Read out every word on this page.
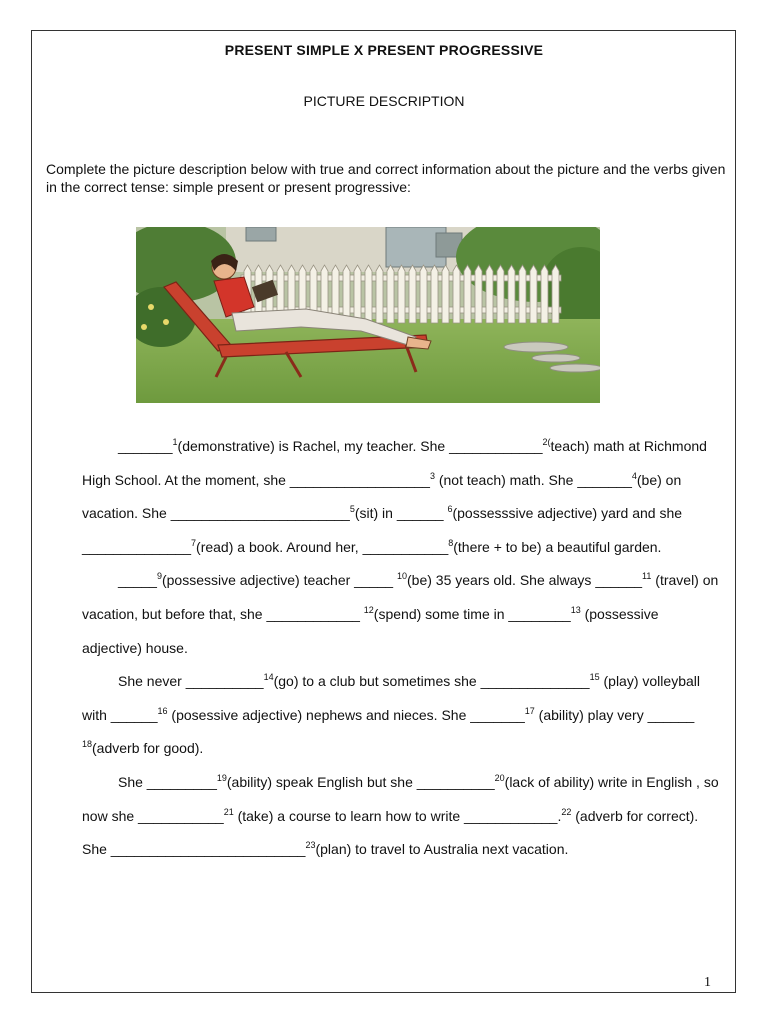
PRESENT SIMPLE X PRESENT PROGRESSIVE
PICTURE DESCRIPTION
Complete the picture description below with true and correct information about the picture and the verbs given in the correct tense: simple present or present progressive:

_______$^1$(demonstrative) is Rachel, my teacher. She ____________$^{2(}$teach) math at Richmond High School. At the moment, she __________________$^3$ (not teach) math. She _______$^4$(be) on vacation. She _______________________$^5$(sit) in ______ $^6$(possesssive adjective) yard and she ______________$^7$(read) a book. Around her, ___________$^8$(there + to be) a beautiful garden.

_____$^9$(possessive adjective) teacher _____ $^{10}$(be) 35 years old. She always ______$^{11}$ (travel) on vacation, but before that, she ____________ $^{12}$(spend) some time in ________$^{13}$ (possessive adjective) house.

She never __________$^{14}$(go) to a club but sometimes she ______________$^{15}$ (play) volleyball with ______$^{16}$ (posessive adjective) nephews and nieces. She _______$^{17}$ (ability) play very ______ $^{18}$(adverb for good).

She _________$^{19}$(ability) speak English but she __________$^{20}$(lack of ability) write in English , so now she ___________$^{21}$ (take) a course to learn how to write ____________.$^{22}$ (adverb for correct). She _________________________$^{23}$(plan) to travel to Australia next vacation.

1
